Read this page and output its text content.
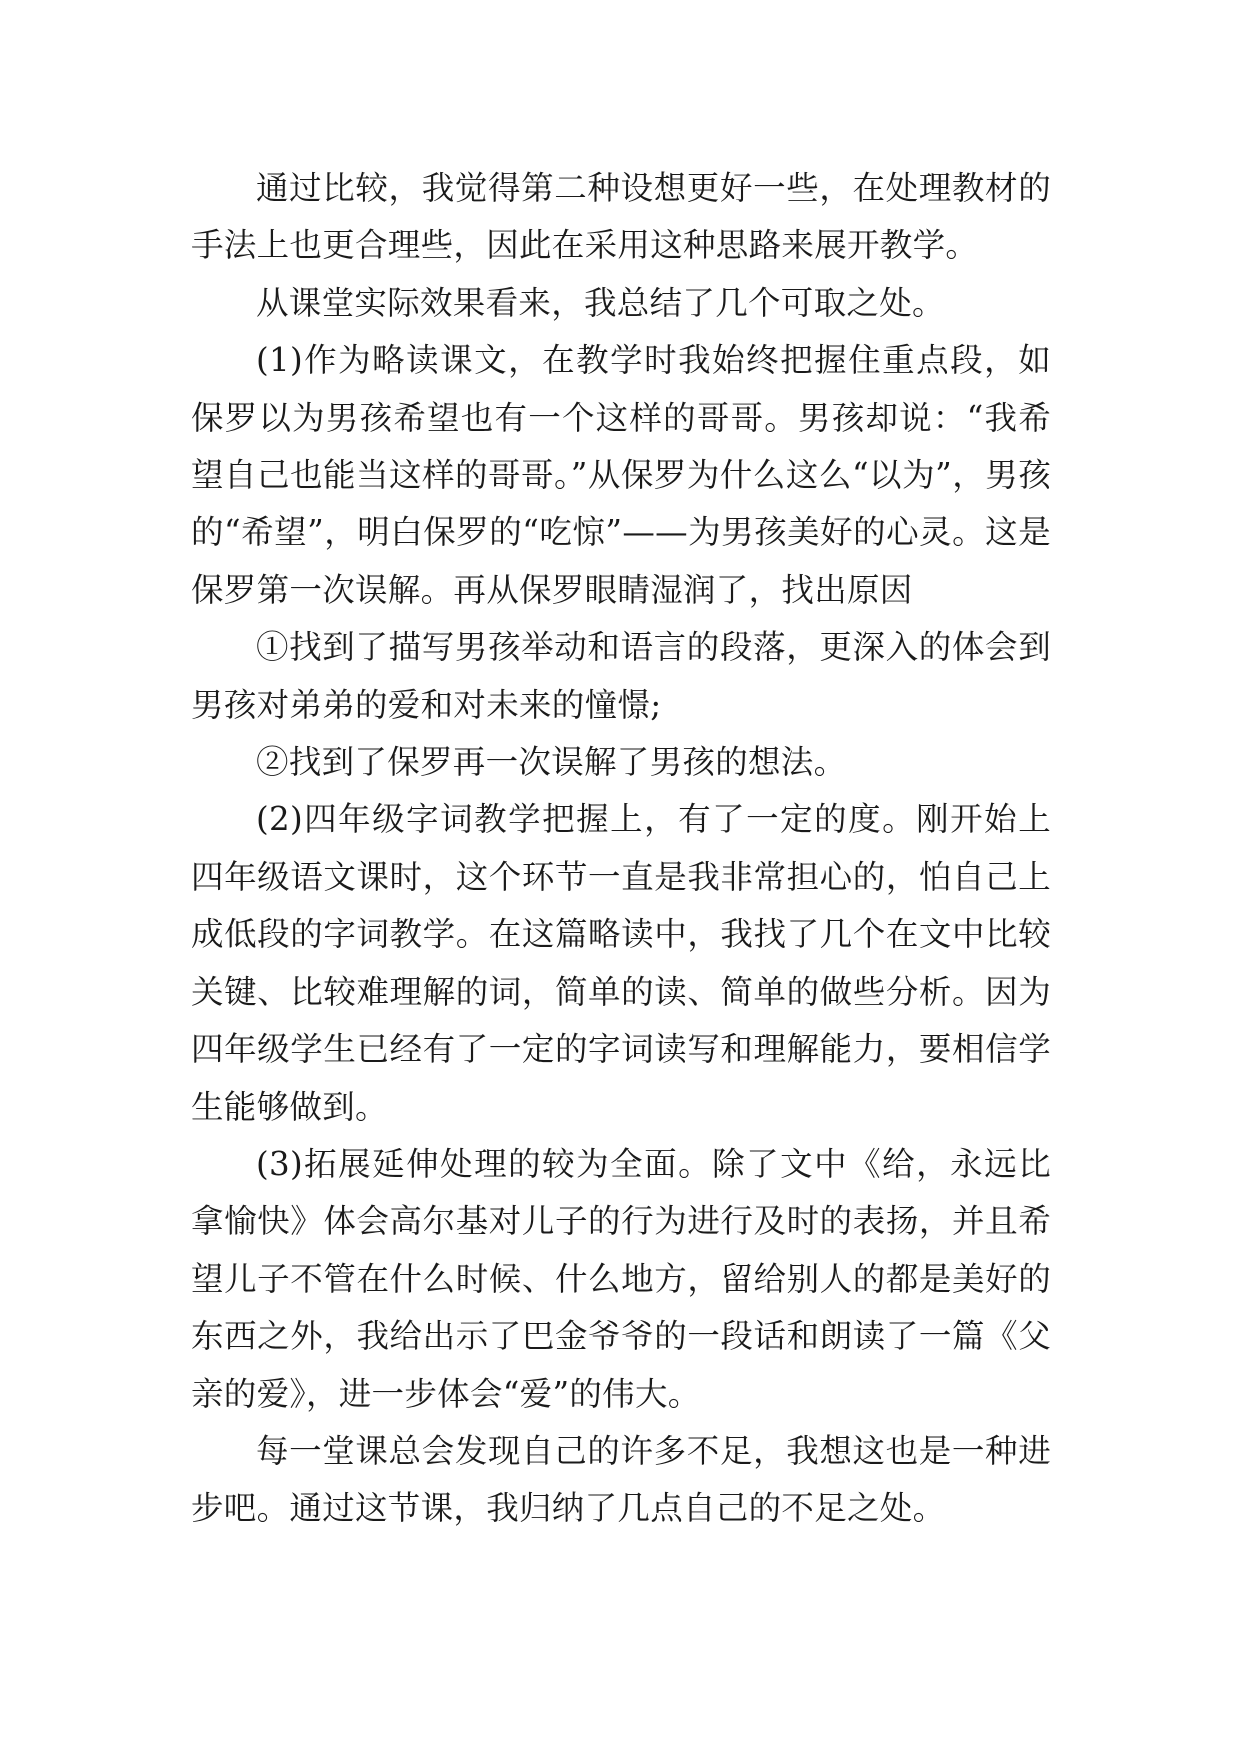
通过比较，我觉得第二种设想更好一些，在处理教材的手法上也更合理些，因此在采用这种思路来展开教学。

从课堂实际效果看来，我总结了几个可取之处。

(1)作为略读课文，在教学时我始终把握住重点段，如保罗以为男孩希望也有一个这样的哥哥。男孩却说：“我希望自己也能当这样的哥哥。”从保罗为什么这么“以为”，男孩的“希望”，明白保罗的“吃惊”——为男孩美好的心灵。这是保罗第一次误解。再从保罗眼睛湿润了，找出原因

①找到了描写男孩举动和语言的段落，更深入的体会到男孩对弟弟的爱和对未来的憧憬;

②找到了保罗再一次误解了男孩的想法。

(2)四年级字词教学把握上，有了一定的度。刚开始上四年级语文课时，这个环节一直是我非常担心的，怕自己上成低段的字词教学。在这篇略读中，我找了几个在文中比较关键、比较难理解的词，简单的读、简单的做些分析。因为四年级学生已经有了一定的字词读写和理解能力，要相信学生能够做到。

(3)拓展延伸处理的较为全面。除了文中《给，永远比拿愉快》体会高尔基对儿子的行为进行及时的表扬，并且希望儿子不管在什么时候、什么地方，留给别人的都是美好的东西之外，我给出示了巴金爷爷的一段话和朗读了一篇《父亲的爱》，进一步体会“爱”的伟大。

每一堂课总会发现自己的许多不足，我想这也是一种进步吧。通过这节课，我归纳了几点自己的不足之处。
